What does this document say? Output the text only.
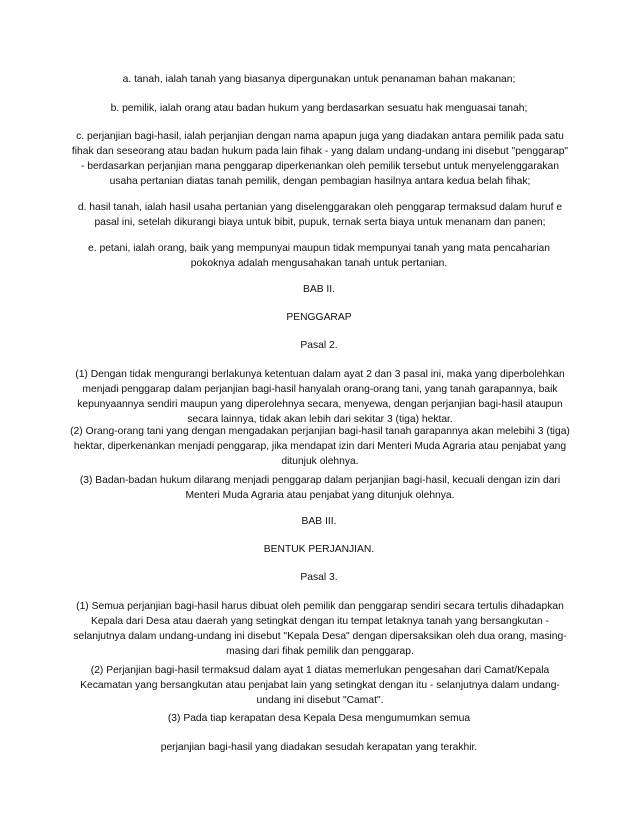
a. tanah, ialah tanah yang biasanya dipergunakan untuk penanaman bahan makanan;

b. pemilik, ialah orang atau badan hukum yang berdasarkan sesuatu hak menguasai tanah;

c. perjanjian bagi-hasil, ialah perjanjian dengan nama apapun juga yang diadakan antara pemilik pada satu fihak dan seseorang atau badan hukum pada lain fihak - yang dalam undang-undang ini disebut "penggarap" - berdasarkan perjanjian mana penggarap diperkenankan oleh pemilik tersebut untuk menyelenggarakan usaha pertanian diatas tanah pemilik, dengan pembagian hasilnya antara kedua belah fihak;

d. hasil tanah, ialah hasil usaha pertanian yang diselenggarakan oleh penggarap termaksud dalam huruf e pasal ini, setelah dikurangi biaya untuk bibit, pupuk, ternak serta biaya untuk menanam dan panen;

e. petani, ialah orang, baik yang mempunyai maupun tidak mempunyai tanah yang mata pencaharian pokoknya adalah mengusahakan tanah untuk pertanian.

BAB II.

PENGGARAP

Pasal 2.

(1) Dengan tidak mengurangi berlakunya ketentuan dalam ayat 2 dan 3 pasal ini, maka yang diperbolehkan menjadi penggarap dalam perjanjian bagi-hasil hanyalah orang-orang tani, yang tanah garapannya, baik kepunyaannya sendiri maupun yang diperolehnya secara, menyewa, dengan perjanjian bagi-hasil ataupun secara lainnya, tidak akan lebih dari sekitar 3 (tiga) hektar.

(2) Orang-orang tani yang dengan mengadakan perjanjian bagi-hasil tanah garapannya akan melebihi 3 (tiga) hektar, diperkenankan menjadi penggarap, jika mendapat izin dari Menteri Muda Agraria atau penjabat yang ditunjuk olehnya.

(3) Badan-badan hukum dilarang menjadi penggarap dalam perjanjian bagi-hasil, kecuali dengan izin dari Menteri Muda Agraria atau penjabat yang ditunjuk olehnya.

BAB III.

BENTUK PERJANJIAN.

Pasal 3.

(1) Semua perjanjian bagi-hasil harus dibuat oleh pemilik dan penggarap sendiri secara tertulis dihadapkan Kepala dari Desa atau daerah yang setingkat dengan itu tempat letaknya tanah yang bersangkutan - selanjutnya dalam undang-undang ini disebut "Kepala Desa" dengan dipersaksikan oleh dua orang, masing-masing dari fihak pemilik dan penggarap.

(2) Perjanjian bagi-hasil termaksud dalam ayat 1 diatas memerlukan pengesahan dari Camat/Kepala Kecamatan yang bersangkutan atau penjabat lain yang setingkat dengan itu - selanjutnya dalam undang-undang ini disebut "Camat".

(3) Pada tiap kerapatan desa Kepala Desa mengumumkan semua

perjanjian bagi-hasil yang diadakan sesudah kerapatan yang terakhir.
